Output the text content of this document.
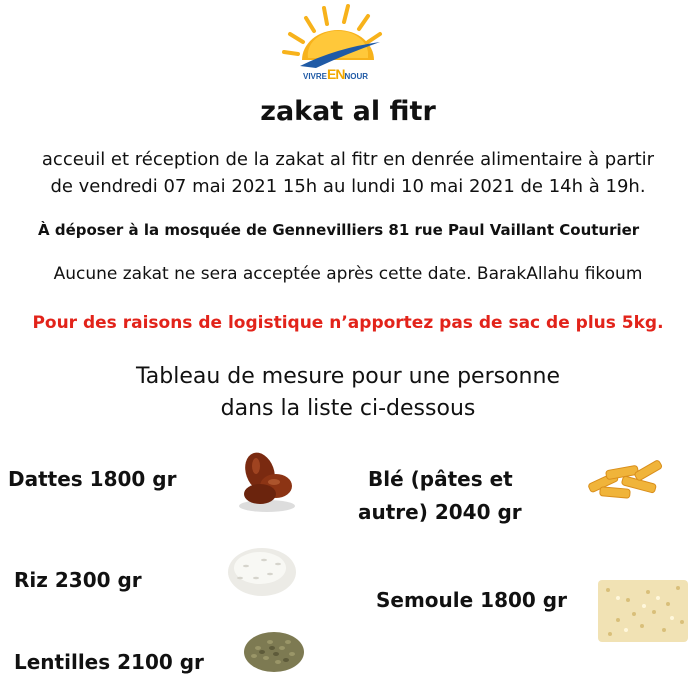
VIVREENNOUR
zakat al fitr
acceuil et réception de la zakat al fitr en denrée alimentaire à partir
de vendredi 07 mai 2021 15h au lundi 10 mai 2021 de 14h à 19h.
À déposer à la mosquée de Gennevilliers 81 rue Paul Vaillant Couturier
Aucune zakat ne sera acceptée après cette date. BarakAllahu fikoum
Pour des raisons de logistique n’apportez pas de sac de plus 5kg.
Tableau de mesure pour une personne
dans la liste ci-dessous
Dattes 1800 gr	Blé (pâtes et
autre) 2040 gr
Riz 2300 gr
Semoule 1800 gr
Lentilles 2100 gr
